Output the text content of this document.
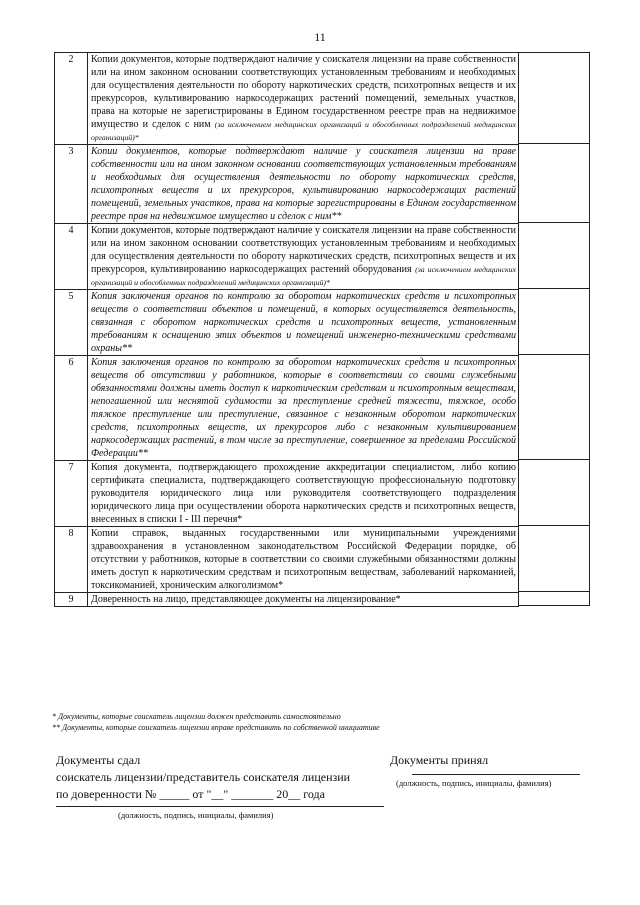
11
2	Копии документов, которые подтверждают наличие у соискателя лицензии на праве собственности или на ином законном основании соответствующих установленным требованиям и необходимых для осуществления деятельности по обороту наркотических средств, психотропных веществ и их прекурсоров, культивированию наркосодержащих растений помещений, земельных участков, права на которые не зарегистрированы в Едином государственном реестре прав на недвижимое имущество и сделок с ним (за исключением медицинских организаций и обособленных подразделений медицинских организаций)*

3	Копии документов, которые подтверждают наличие у соискателя лицензии на праве собственности или на ином законном основании соответствующих установленным требованиям и необходимых для осуществления деятельности по обороту наркотических средств, психотропных веществ и их прекурсоров, культивированию наркосодержащих растений помещений, земельных участков, права на которые зарегистрированы в Едином государственном реестре прав на недвижимое имущество и сделок с ним**

4	Копии документов, которые подтверждают наличие у соискателя лицензии на праве собственности или на ином законном основании соответствующих установленным требованиям и необходимых для осуществления деятельности по обороту наркотических средств, психотропных веществ и их прекурсоров, культивированию наркосодержащих растений оборудования (за исключением медицинских организаций и обособленных подразделений медицинских организаций)*

5	Копия заключения органов по контролю за оборотом наркотических средств и психотропных веществ о соответствии объектов и помещений, в которых осуществляется деятельность, связанная с оборотом наркотических средств и психотропных веществ, установленным требованиям к оснащению этих объектов и помещений инженерно-техническими средствами охраны**

6	Копия заключения органов по контролю за оборотом наркотических средств и психотропных веществ об отсутствии у работников, которые в соответствии со своими служебными обязанностями должны иметь доступ к наркотическим средствам и психотропным веществам, непогашенной или неснятой судимости за преступление средней тяжести, тяжкое, особо тяжкое преступление или преступление, связанное с незаконным оборотом наркотических средств, психотропных веществ, их прекурсоров либо с незаконным культивированием наркосодержащих растений, в том числе за преступление, совершенное за пределами Российской Федерации**

7	Копия документа, подтверждающего прохождение аккредитации специалистом, либо копию сертификата специалиста, подтверждающего соответствующую профессиональную подготовку руководителя юридического лица или руководителя соответствующего подразделения юридического лица при осуществлении оборота наркотических средств и психотропных веществ, внесенных в списки I - III перечня*

8	Копии справок, выданных государственными или муниципальными учреждениями здравоохранения в установленном законодательством Российской Федерации порядке, об отсутствии у работников, которые в соответствии со своими служебными обязанностями должны иметь доступ к наркотическим средствам и психотропным веществам, заболеваний наркоманией, токсикоманией, хроническим алкоголизмом*

9	Доверенность на лицо, представляющее документы на лицензирование*
* Документы, которые соискатель лицензии должен представить самостоятельно
** Документы, которые соискатель лицензии вправе представить по собственной инициативе
Документы сдал
соискатель лицензии/представитель соискателя лицензии
по доверенности № _____ от "__" _______ 20__ года
(должность, подпись, инициалы, фамилия)
Документы принял
(должность, подпись, инициалы, фамилия)
